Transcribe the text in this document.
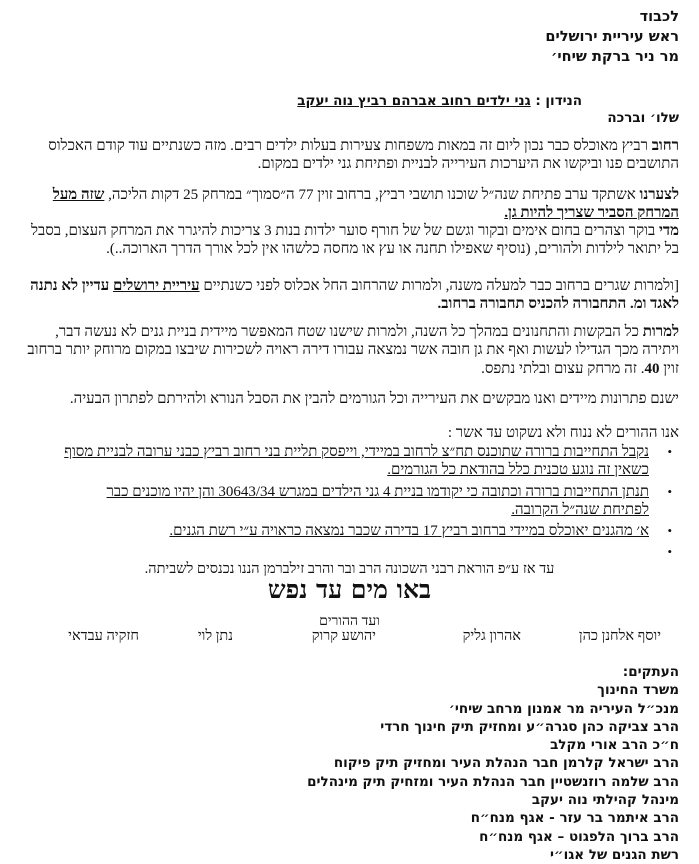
לכבוד
ראש עיריית ירושלים
מר ניר ברקת שיחי׳
הנידון : גני ילדים רחוב אברהם רביץ נוה יעקב
שלו׳ וברכה
רחוב רביץ מאוכלס כבר נכון ליום זה במאות משפחות צעירות בעלות ילדים רבים. מזה כשנתיים עוד קודם האכלוס התושבים פנו וביקשו את היערכות העירייה לבניית ופתיחת גני ילדים במקום.
לצערנו אשתקד ערב פתיחת שנה״ל שוכנו תושבי רביץ, ברחוב זוין 77 ה״סמוך״ במרחק 25 דקות הליכה, שזה מעל המרחק הסביר שצריך להיות גן.
מדי בוקר וצהרים בחום אימים ובקור וגשם של של חורף סוער ילדות בנות 3 צריכות להיגרר את המרחק העצום, בסבל בל יתואר לילדות ולהורים, (נוסיף שאפילו תחנה או עץ או מחסה כלשהו אין לכל אורך הדרך הארוכה..).
[ולמרות שגרים ברחוב כבר למעלה משנה, ולמרות שהרחוב החל אכלוס לפני כשנתיים עיריית ירושלים עדיין לא נתנה לאגד ומ. התחבורה להכניס תחבורה ברחוב.
למרות כל הבקשות והתחנונים במהלך כל השנה, ולמרות שישנו שטח המאפשר מיידית בניית גנים לא נעשה דבר, ויתירה מכך הגדילו לעשות ואף את גן חובה אשר נמצאה עבורו דירה ראויה לשכירות שיבצו במקום מרוחק יותר ברחוב זוין 40. זה מרחק עצום ובלתי נתפס.
ישנם פתרונות מיידים ואנו מבקשים את העירייה וכל הגורמים להבין את הסבל הנורא ולהירתם לפתרון הבעיה.
אנו ההורים לא ננוח ולא נשקוט עד אשר :
•
נקבל התחייבות ברורה שתוכנס תח״צ לרחוב במיידי, וייפסק תליית בני רחוב רביץ כבני ערובה לבניית מסוף כשאין זה נוגע טכנית כלל בהודאת כל הגורמים.
•
תנתן התחייבות ברורה וכתובה כי יקודמו בניית 4 גני הילדים במגרש 30643/34 והן יהיו מוכנים כבר לפתיחת שנה״ל הקרובה.
•
א׳ מהגנים יאוכלס במיידי ברחוב רביץ 17 בדירה שכבר נמצאה כראויה ע״י רשת הגנים.
•
עד אז ע״פ הוראת רבני השכונה הרב ובר והרב זילברמן הננו נכנסים לשביתה.
באו מים עד נפש
ועד ההורים
יוסף אלחנן כהן
אהרון גליק
יהושע קרוק
נתן לוי
חזקיה עבדאי
העתקים:
משרד החינוך
מנכ״ל העיריה מר אמנון מרחב שיחי׳
הרב צביקה כהן סגרה״ע ומחזיק תיק חינוך חרדי
ח״כ הרב אורי מקלב
הרב ישראל קלרמן חבר הנהלת העיר ומחזיק תיק פיקוח
הרב שלמה רוזנשטיין חבר הנהלת העיר ומזחיק תיק מינהלים
מינהל קהילתי נוה יעקב
הרב איתמר בר עזר - אגף מנח״ח
הרב ברוך הלפגוט – אגף מנח״ח
רשת הגנים של אגו״י
